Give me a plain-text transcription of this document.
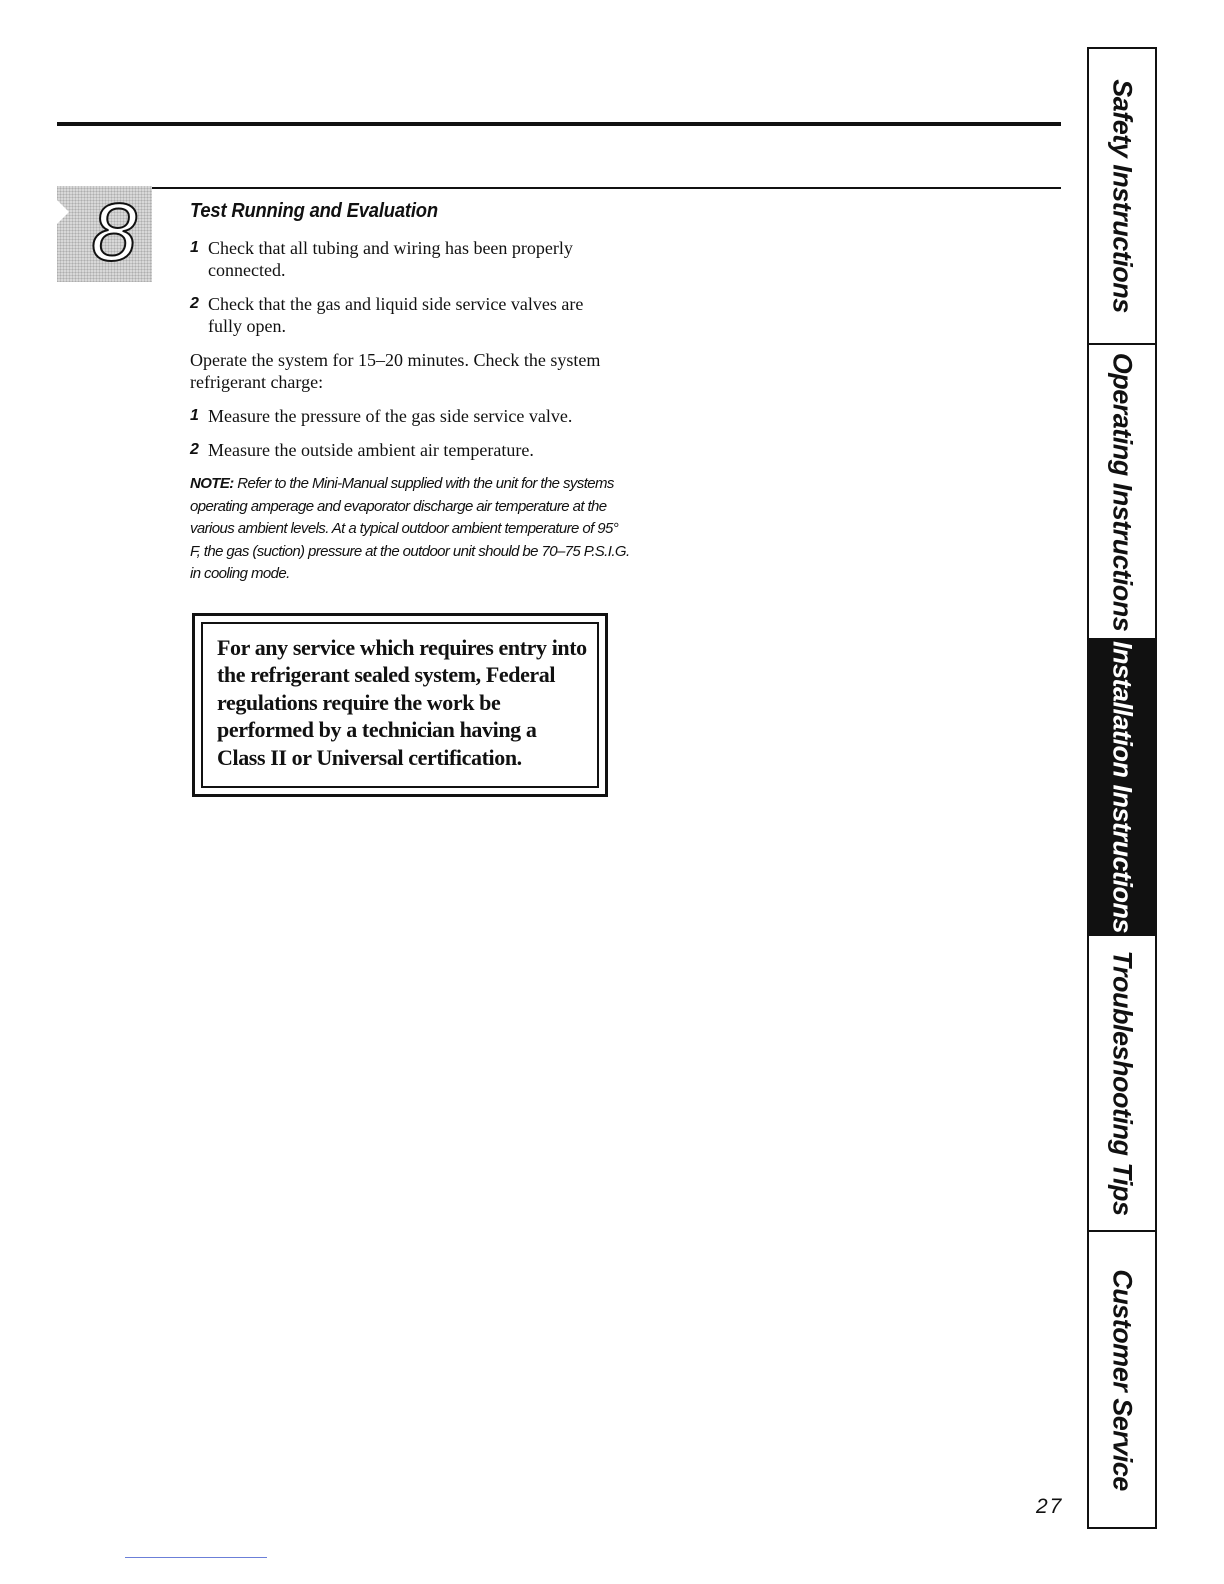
8	Test Running and Evaluation
1 Check that all tubing and wiring has been properly connected.
2 Check that the gas and liquid side service valves are fully open.
Operate the system for 15–20 minutes. Check the system refrigerant charge:
1 Measure the pressure of the gas side service valve.
2 Measure the outside ambient air temperature.
NOTE: Refer to the Mini-Manual supplied with the unit for the systems operating amperage and evaporator discharge air temperature at the various ambient levels. At a typical outdoor ambient temperature of 95° F, the gas (suction) pressure at the outdoor unit should be 70–75 P.S.I.G. in cooling mode.
For any service which requires entry into the refrigerant sealed system, Federal regulations require the work be performed by a technician having a Class II or Universal certification.
Safety Instructions
Operating Instructions
Installation Instructions
Troubleshooting Tips
Customer Service
27
